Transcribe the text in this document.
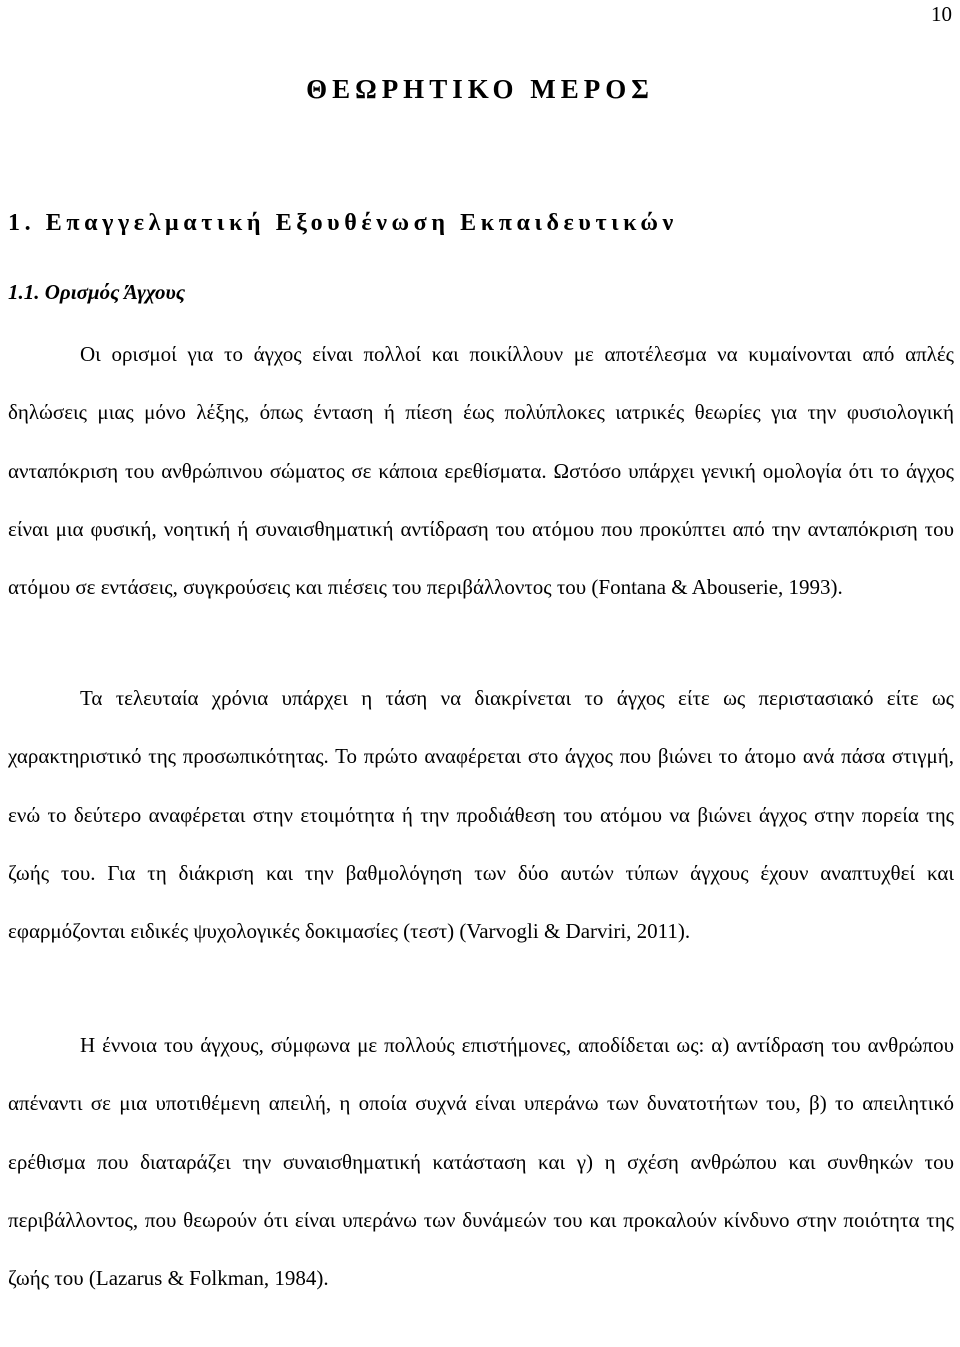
10
ΘΕΩΡΗΤΙΚΟ ΜΕΡΟΣ
1. Επαγγελματική Εξουθένωση Εκπαιδευτικών
1.1. Ορισμός Άγχους

Οι ορισμοί για το άγχος είναι πολλοί και ποικίλλουν με αποτέλεσμα να κυμαίνονται από απλές δηλώσεις μιας μόνο λέξης, όπως ένταση ή πίεση έως πολύπλοκες ιατρικές θεωρίες για την φυσιολογική ανταπόκριση του ανθρώπινου σώματος σε κάποια ερεθίσματα. Ωστόσο υπάρχει γενική ομολογία ότι το άγχος είναι μια φυσική, νοητική ή συναισθηματική αντίδραση του ατόμου που προκύπτει από την ανταπόκριση του ατόμου σε εντάσεις, συγκρούσεις και πιέσεις του περιβάλλοντος του (Fontana & Abouserie, 1993).

Τα τελευταία χρόνια υπάρχει η τάση να διακρίνεται το άγχος είτε ως περιστασιακό είτε ως χαρακτηριστικό της προσωπικότητας. Το πρώτο αναφέρεται στο άγχος που βιώνει το άτομο ανά πάσα στιγμή, ενώ το δεύτερο αναφέρεται στην ετοιμότητα ή την προδιάθεση του ατόμου να βιώνει άγχος στην πορεία της ζωής του. Για τη διάκριση και την βαθμολόγηση των δύο αυτών τύπων άγχους έχουν αναπτυχθεί και εφαρμόζονται ειδικές ψυχολογικές δοκιμασίες (τεστ) (Varvogli & Darviri, 2011).

Η έννοια του άγχους, σύμφωνα με πολλούς επιστήμονες, αποδίδεται ως: α) αντίδραση του ανθρώπου απέναντι σε μια υποτιθέμενη απειλή, η οποία συχνά είναι υπεράνω των δυνατοτήτων του, β) το απειλητικό ερέθισμα που διαταράζει την συναισθηματική κατάσταση και γ) η σχέση ανθρώπου και συνθηκών του περιβάλλοντος, που θεωρούν ότι είναι υπεράνω των δυνάμεών του και προκαλούν κίνδυνο στην ποιότητα της ζωής του (Lazarus & Folkman, 1984).
